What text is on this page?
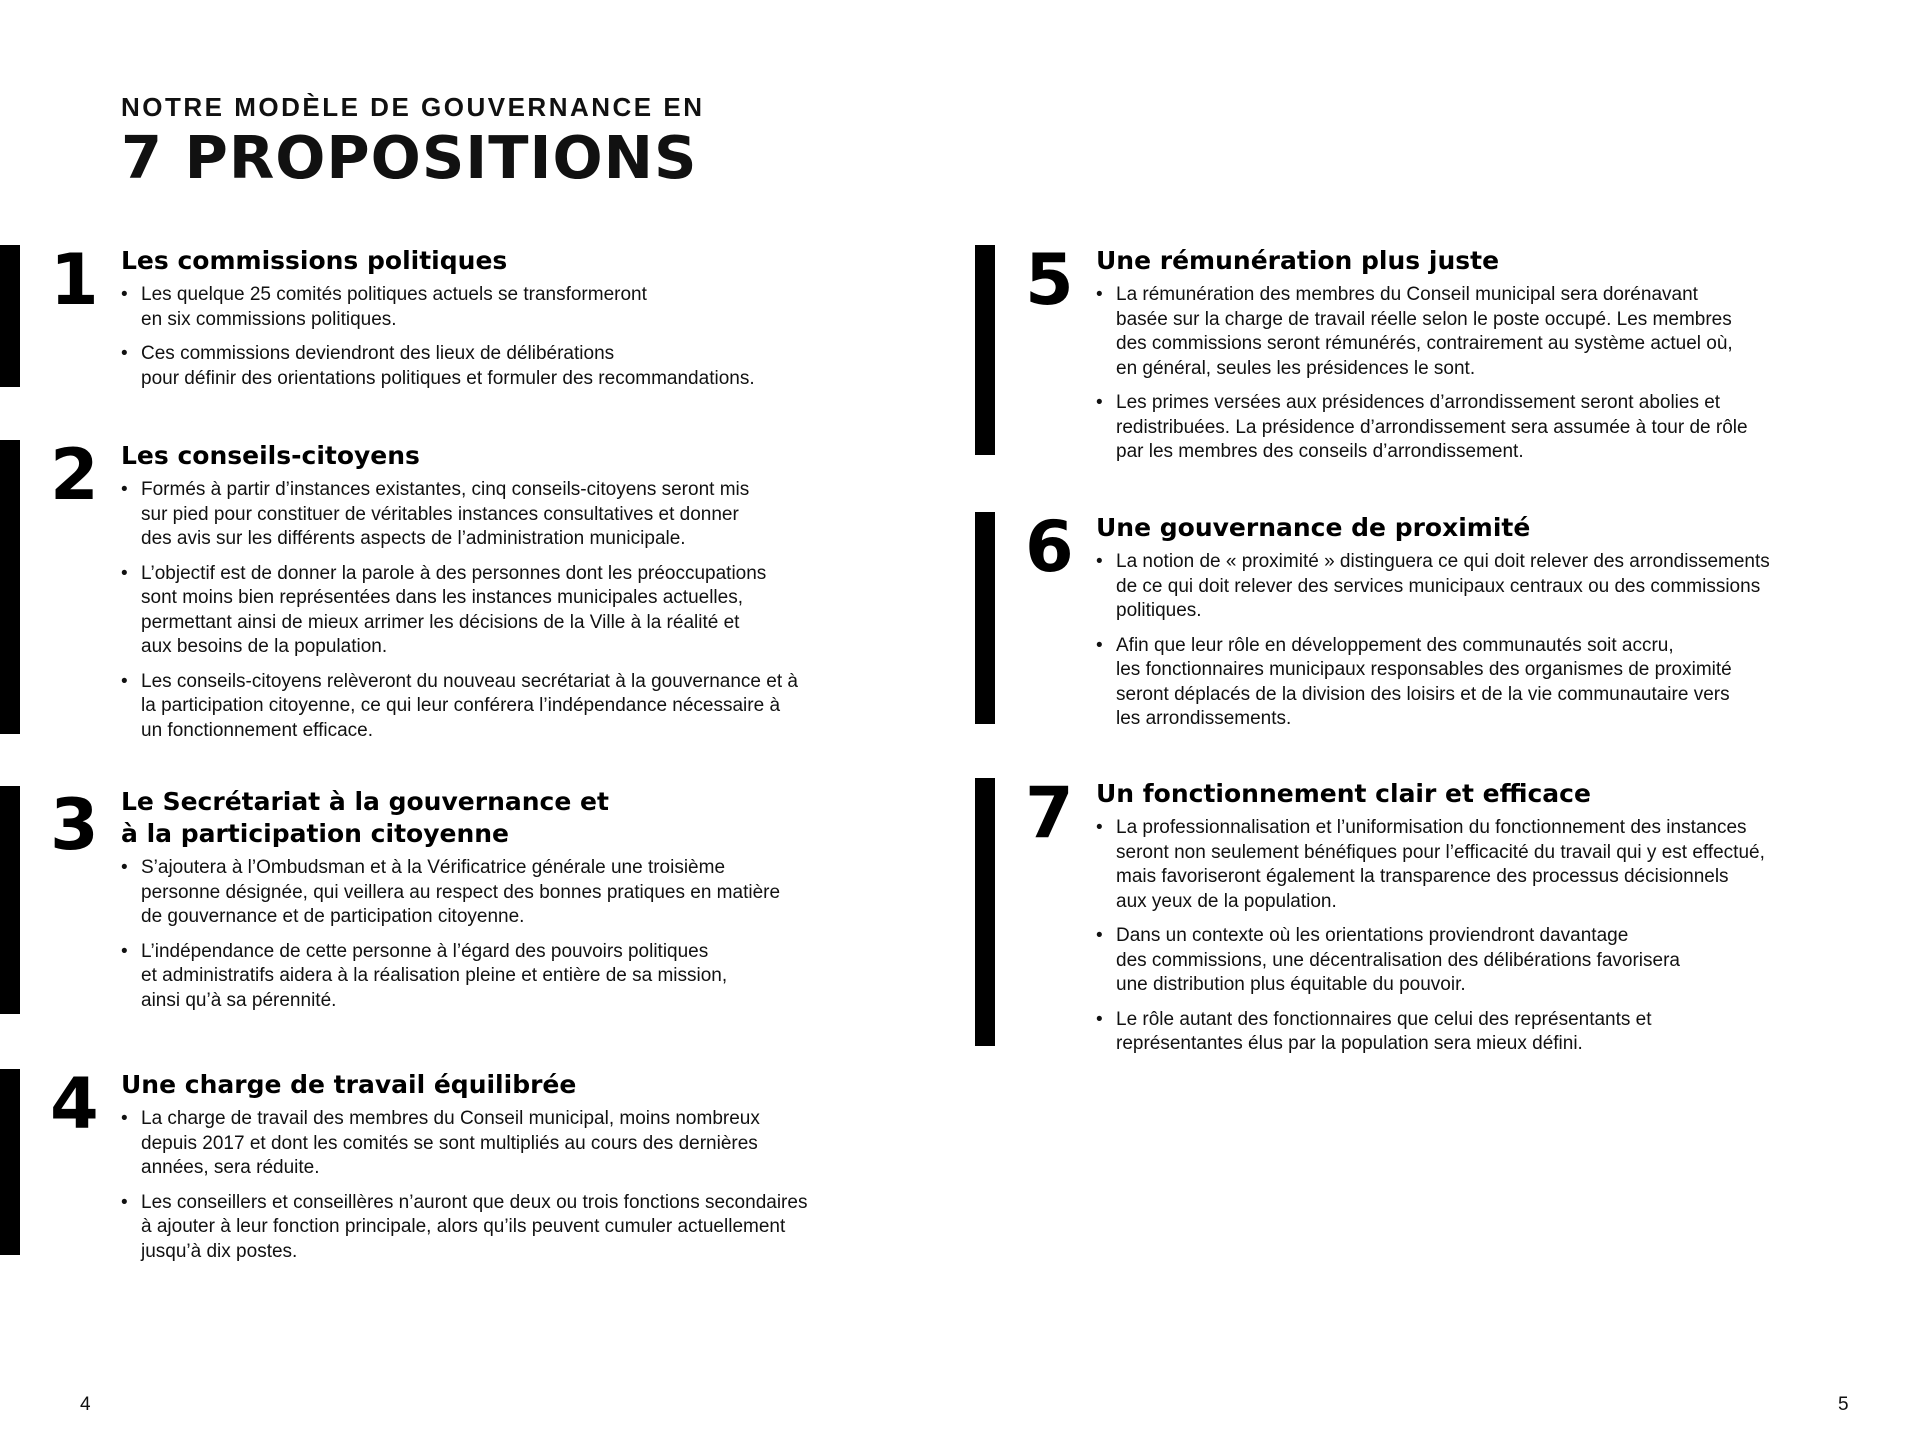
NOTRE MODÈLE DE GOUVERNANCE EN
7 PROPOSITIONS
1 Les commissions politiques
• Les quelque 25 comités politiques actuels se transformeront
en six commissions politiques.
• Ces commissions deviendront des lieux de délibérations
pour définir des orientations politiques et formuler des recommandations.
2 Les conseils-citoyens
• Formés à partir d’instances existantes, cinq conseils-citoyens seront mis
sur pied pour constituer de véritables instances consultatives et donner
des avis sur les différents aspects de l’administration municipale.
• L’objectif est de donner la parole à des personnes dont les préoccupations
sont moins bien représentées dans les instances municipales actuelles,
permettant ainsi de mieux arrimer les décisions de la Ville à la réalité et
aux besoins de la population.
• Les conseils-citoyens relèveront du nouveau secrétariat à la gouvernance et à
la participation citoyenne, ce qui leur conférera l’indépendance nécessaire à
un fonctionnement efficace.
3 Le Secrétariat à la gouvernance et
à la participation citoyenne
• S’ajoutera à l’Ombudsman et à la Vérificatrice générale une troisième
personne désignée, qui veillera au respect des bonnes pratiques en matière
de gouvernance et de participation citoyenne.
• L’indépendance de cette personne à l’égard des pouvoirs politiques
et administratifs aidera à la réalisation pleine et entière de sa mission,
ainsi qu’à sa pérennité.
4 Une charge de travail équilibrée
• La charge de travail des membres du Conseil municipal, moins nombreux
depuis 2017 et dont les comités se sont multipliés au cours des dernières
années, sera réduite.
• Les conseillers et conseillères n’auront que deux ou trois fonctions secondaires
à ajouter à leur fonction principale, alors qu’ils peuvent cumuler actuellement
jusqu’à dix postes.
5 Une rémunération plus juste
• La rémunération des membres du Conseil municipal sera dorénavant
basée sur la charge de travail réelle selon le poste occupé. Les membres
des commissions seront rémunérés, contrairement au système actuel où,
en général, seules les présidences le sont.
• Les primes versées aux présidences d’arrondissement seront abolies et
redistribuées. La présidence d’arrondissement sera assumée à tour de rôle
par les membres des conseils d’arrondissement.
6 Une gouvernance de proximité
• La notion de « proximité » distinguera ce qui doit relever des arrondissements
de ce qui doit relever des services municipaux centraux ou des commissions
politiques.
• Afin que leur rôle en développement des communautés soit accru,
les fonctionnaires municipaux responsables des organismes de proximité
seront déplacés de la division des loisirs et de la vie communautaire vers
les arrondissements.
7 Un fonctionnement clair et efficace
• La professionnalisation et l’uniformisation du fonctionnement des instances
seront non seulement bénéfiques pour l’efficacité du travail qui y est effectué,
mais favoriseront également la transparence des processus décisionnels
aux yeux de la population.
• Dans un contexte où les orientations proviendront davantage
des commissions, une décentralisation des délibérations favorisera
une distribution plus équitable du pouvoir.
• Le rôle autant des fonctionnaires que celui des représentants et
représentantes élus par la population sera mieux défini.
4	5
